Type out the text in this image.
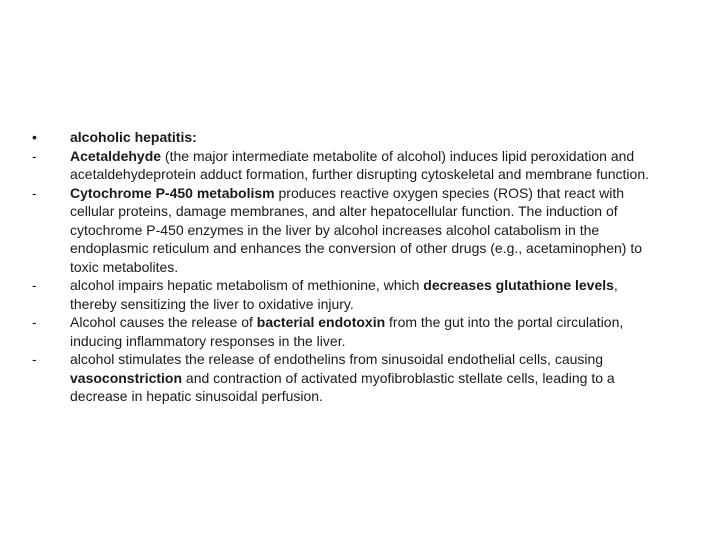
•	alcoholic hepatitis:
-	Acetaldehyde (the major intermediate metabolite of alcohol) induces lipid peroxidation and acetaldehydeprotein adduct formation, further disrupting cytoskeletal and membrane function.
-	Cytochrome P-450 metabolism produces reactive oxygen species (ROS) that react with cellular proteins, damage membranes, and alter hepatocellular function. The induction of cytochrome P-450 enzymes in the liver by alcohol increases alcohol catabolism in the endoplasmic reticulum and enhances the conversion of other drugs (e.g., acetaminophen) to toxic metabolites.
-	alcohol impairs hepatic metabolism of methionine, which decreases glutathione levels, thereby sensitizing the liver to oxidative injury.
-	Alcohol causes the release of bacterial endotoxin from the gut into the portal circulation, inducing inflammatory responses in the liver.
-	alcohol stimulates the release of endothelins from sinusoidal endothelial cells, causing vasoconstriction and contraction of activated myofibroblastic stellate cells, leading to a decrease in hepatic sinusoidal perfusion.
